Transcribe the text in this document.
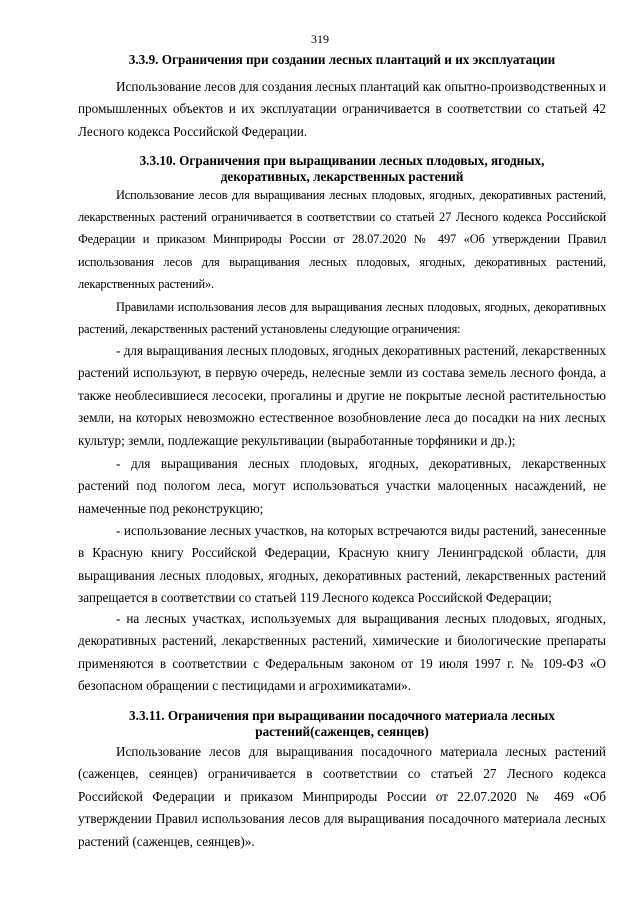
319
3.3.9. Ограничения при создании лесных плантаций и их эксплуатации

Использование лесов для создания лесных плантаций как опытно-производственных и промышленных объектов и их эксплуатации ограничивается в соответствии со статьей 42 Лесного кодекса Российской Федерации.

3.3.10. Ограничения при выращивании лесных плодовых, ягодных, декоративных, лекарственных растений

Использование лесов для выращивания лесных плодовых, ягодных, декоративных растений, лекарственных растений ограничивается в соответствии со статьей 27 Лесного кодекса Российской Федерации и приказом Минприроды России от 28.07.2020 № 497 «Об утверждении Правил использования лесов для выращивания лесных плодовых, ягодных, декоративных растений, лекарственных растений».

Правилами использования лесов для выращивания лесных плодовых, ягодных, декоративных растений, лекарственных растений установлены следующие ограничения:

- для выращивания лесных плодовых, ягодных декоративных растений, лекарственных растений используют, в первую очередь, нелесные земли из состава земель лесного фонда, а также необлесившиеся лесосеки, прогалины и другие не покрытые лесной растительностью земли, на которых невозможно естественное возобновление леса до посадки на них лесных культур; земли, подлежащие рекультивации (выработанные торфяники и др.);

- для выращивания лесных плодовых, ягодных, декоративных, лекарственных растений под пологом леса, могут использоваться участки малоценных насаждений, не намеченные под реконструкцию;

- использование лесных участков, на которых встречаются виды растений, занесенные в Красную книгу Российской Федерации, Красную книгу Ленинградской области, для выращивания лесных плодовых, ягодных, декоративных растений, лекарственных растений запрещается в соответствии со статьей 119 Лесного кодекса Российской Федерации;

- на лесных участках, используемых для выращивания лесных плодовых, ягодных, декоративных растений, лекарственных растений, химические и биологические препараты применяются в соответствии с Федеральным законом от 19 июля 1997 г. № 109-ФЗ «О безопасном обращении с пестицидами и агрохимикатами».

3.3.11. Ограничения при выращивании посадочного материала лесных растений(саженцев, сеянцев)

Использование лесов для выращивания посадочного материала лесных растений (саженцев, сеянцев) ограничивается в соответствии со статьей 27 Лесного кодекса Российской Федерации и приказом Минприроды России от 22.07.2020 № 469 «Об утверждении Правил использования лесов для выращивания посадочного материала лесных растений (саженцев, сеянцев)».
